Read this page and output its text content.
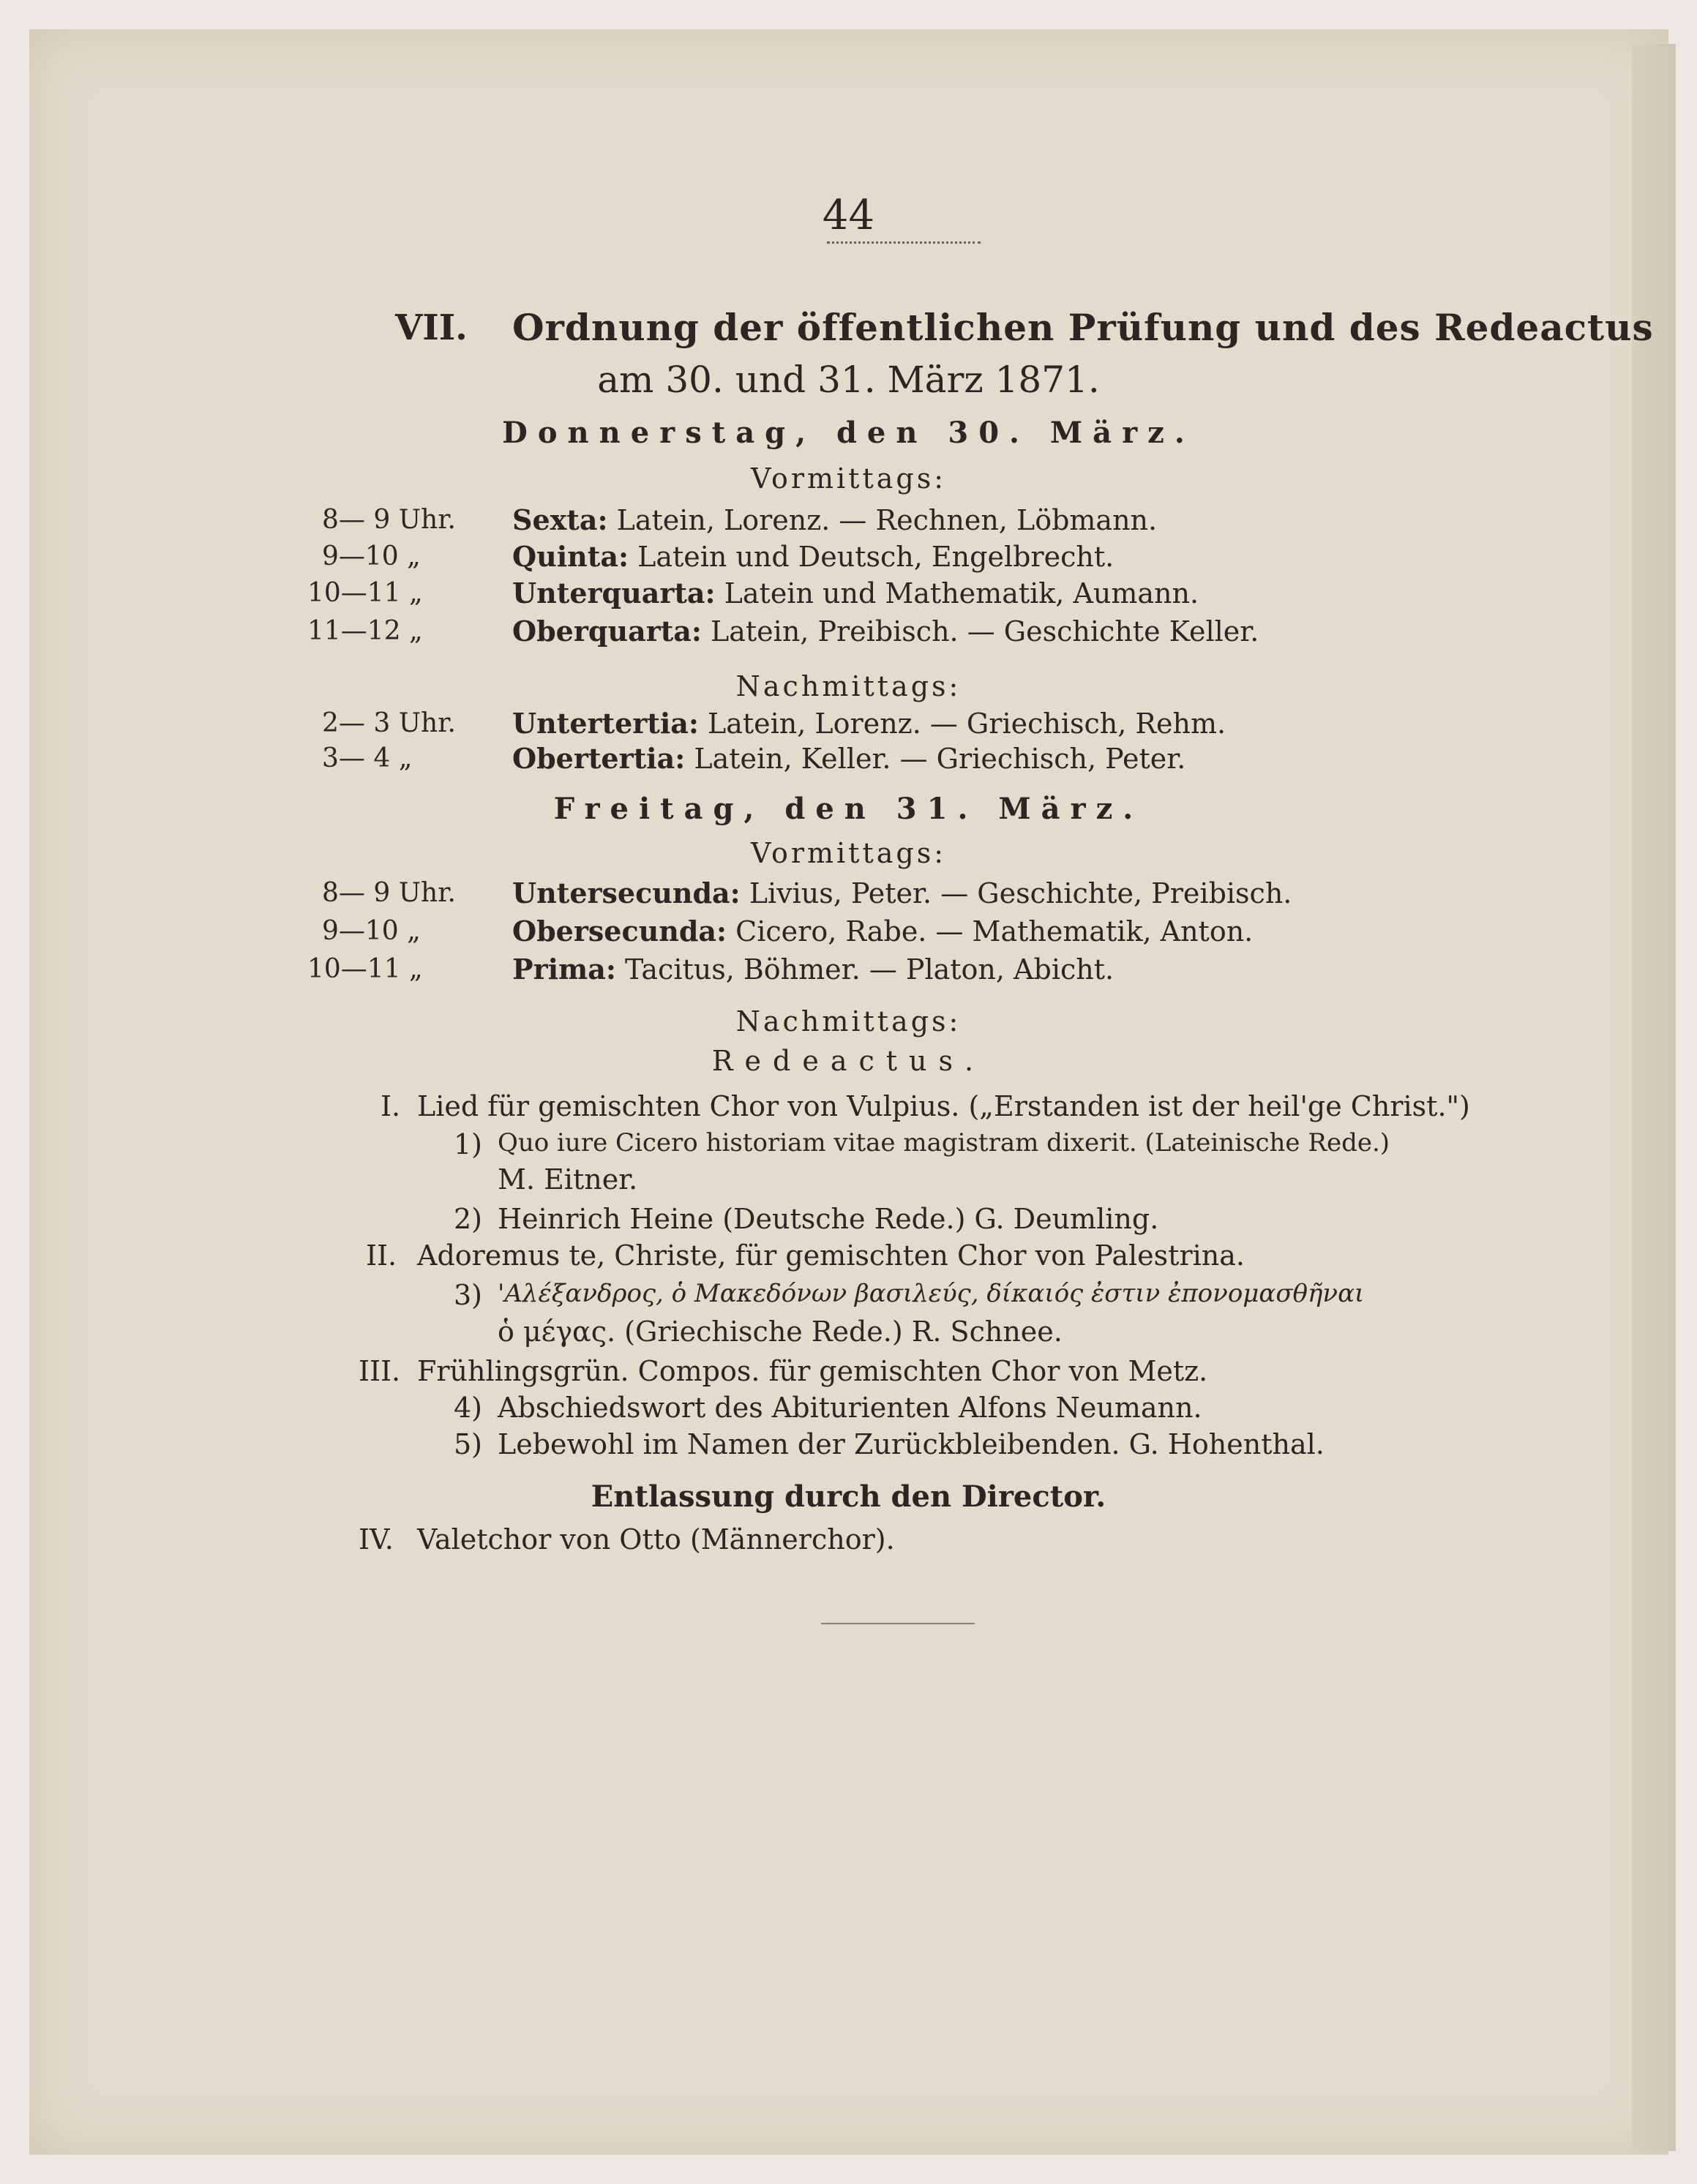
44
VII. Ordnung der öffentlichen Prüfung und des Redeactus
am 30. und 31. März 1871.
Donnerstag, den 30. März.
Vormittags:
8— 9 Uhr. Sexta: Latein, Lorenz. — Rechnen, Löbmann.
9—10 „	Quinta: Latein und Deutsch, Engelbrecht.
10—11 „	Unterquarta: Latein und Mathematik, Aumann.
11—12 „	Oberquarta: Latein, Preibisch. — Geschichte Keller.
Nachmittags:
2— 3 Uhr. Untertertia: Latein, Lorenz. — Griechisch, Rehm.
3— 4 „	Obertertia: Latein, Keller. — Griechisch, Peter.
Freitag, den 31. März.
Vormittags:
8— 9 Uhr. Untersecunda: Livius, Peter. — Geschichte, Preibisch.
9—10 „	Obersecunda: Cicero, Rabe. — Mathematik, Anton.
10—11 „	Prima: Tacitus, Böhmer. — Platon, Abicht.
Nachmittags:
Redeactus.
I. Lied für gemischten Chor von Vulpius. („Erstanden ist der heil'ge Christ.")
1) Quo iure Cicero historiam vitae magistram dixerit. (Lateinische Rede.)
M. Eitner.
2) Heinrich Heine (Deutsche Rede.) G. Deumling.
II. Adoremus te, Christe, für gemischten Chor von Palestrina.
3) 'Αλέξανδρος, ὁ Μακεδόνων βασιλεύς, δίκαιός ἐστιν ἐπονομασθῆναι
ὁ μέγας. (Griechische Rede.) R. Schnee.
III. Frühlingsgrün. Compos. für gemischten Chor von Metz.
4) Abschiedswort des Abiturienten Alfons Neumann.
5) Lebewohl im Namen der Zurückbleibenden. G. Hohenthal.
Entlassung durch den Director.
IV. Valetchor von Otto (Männerchor).
